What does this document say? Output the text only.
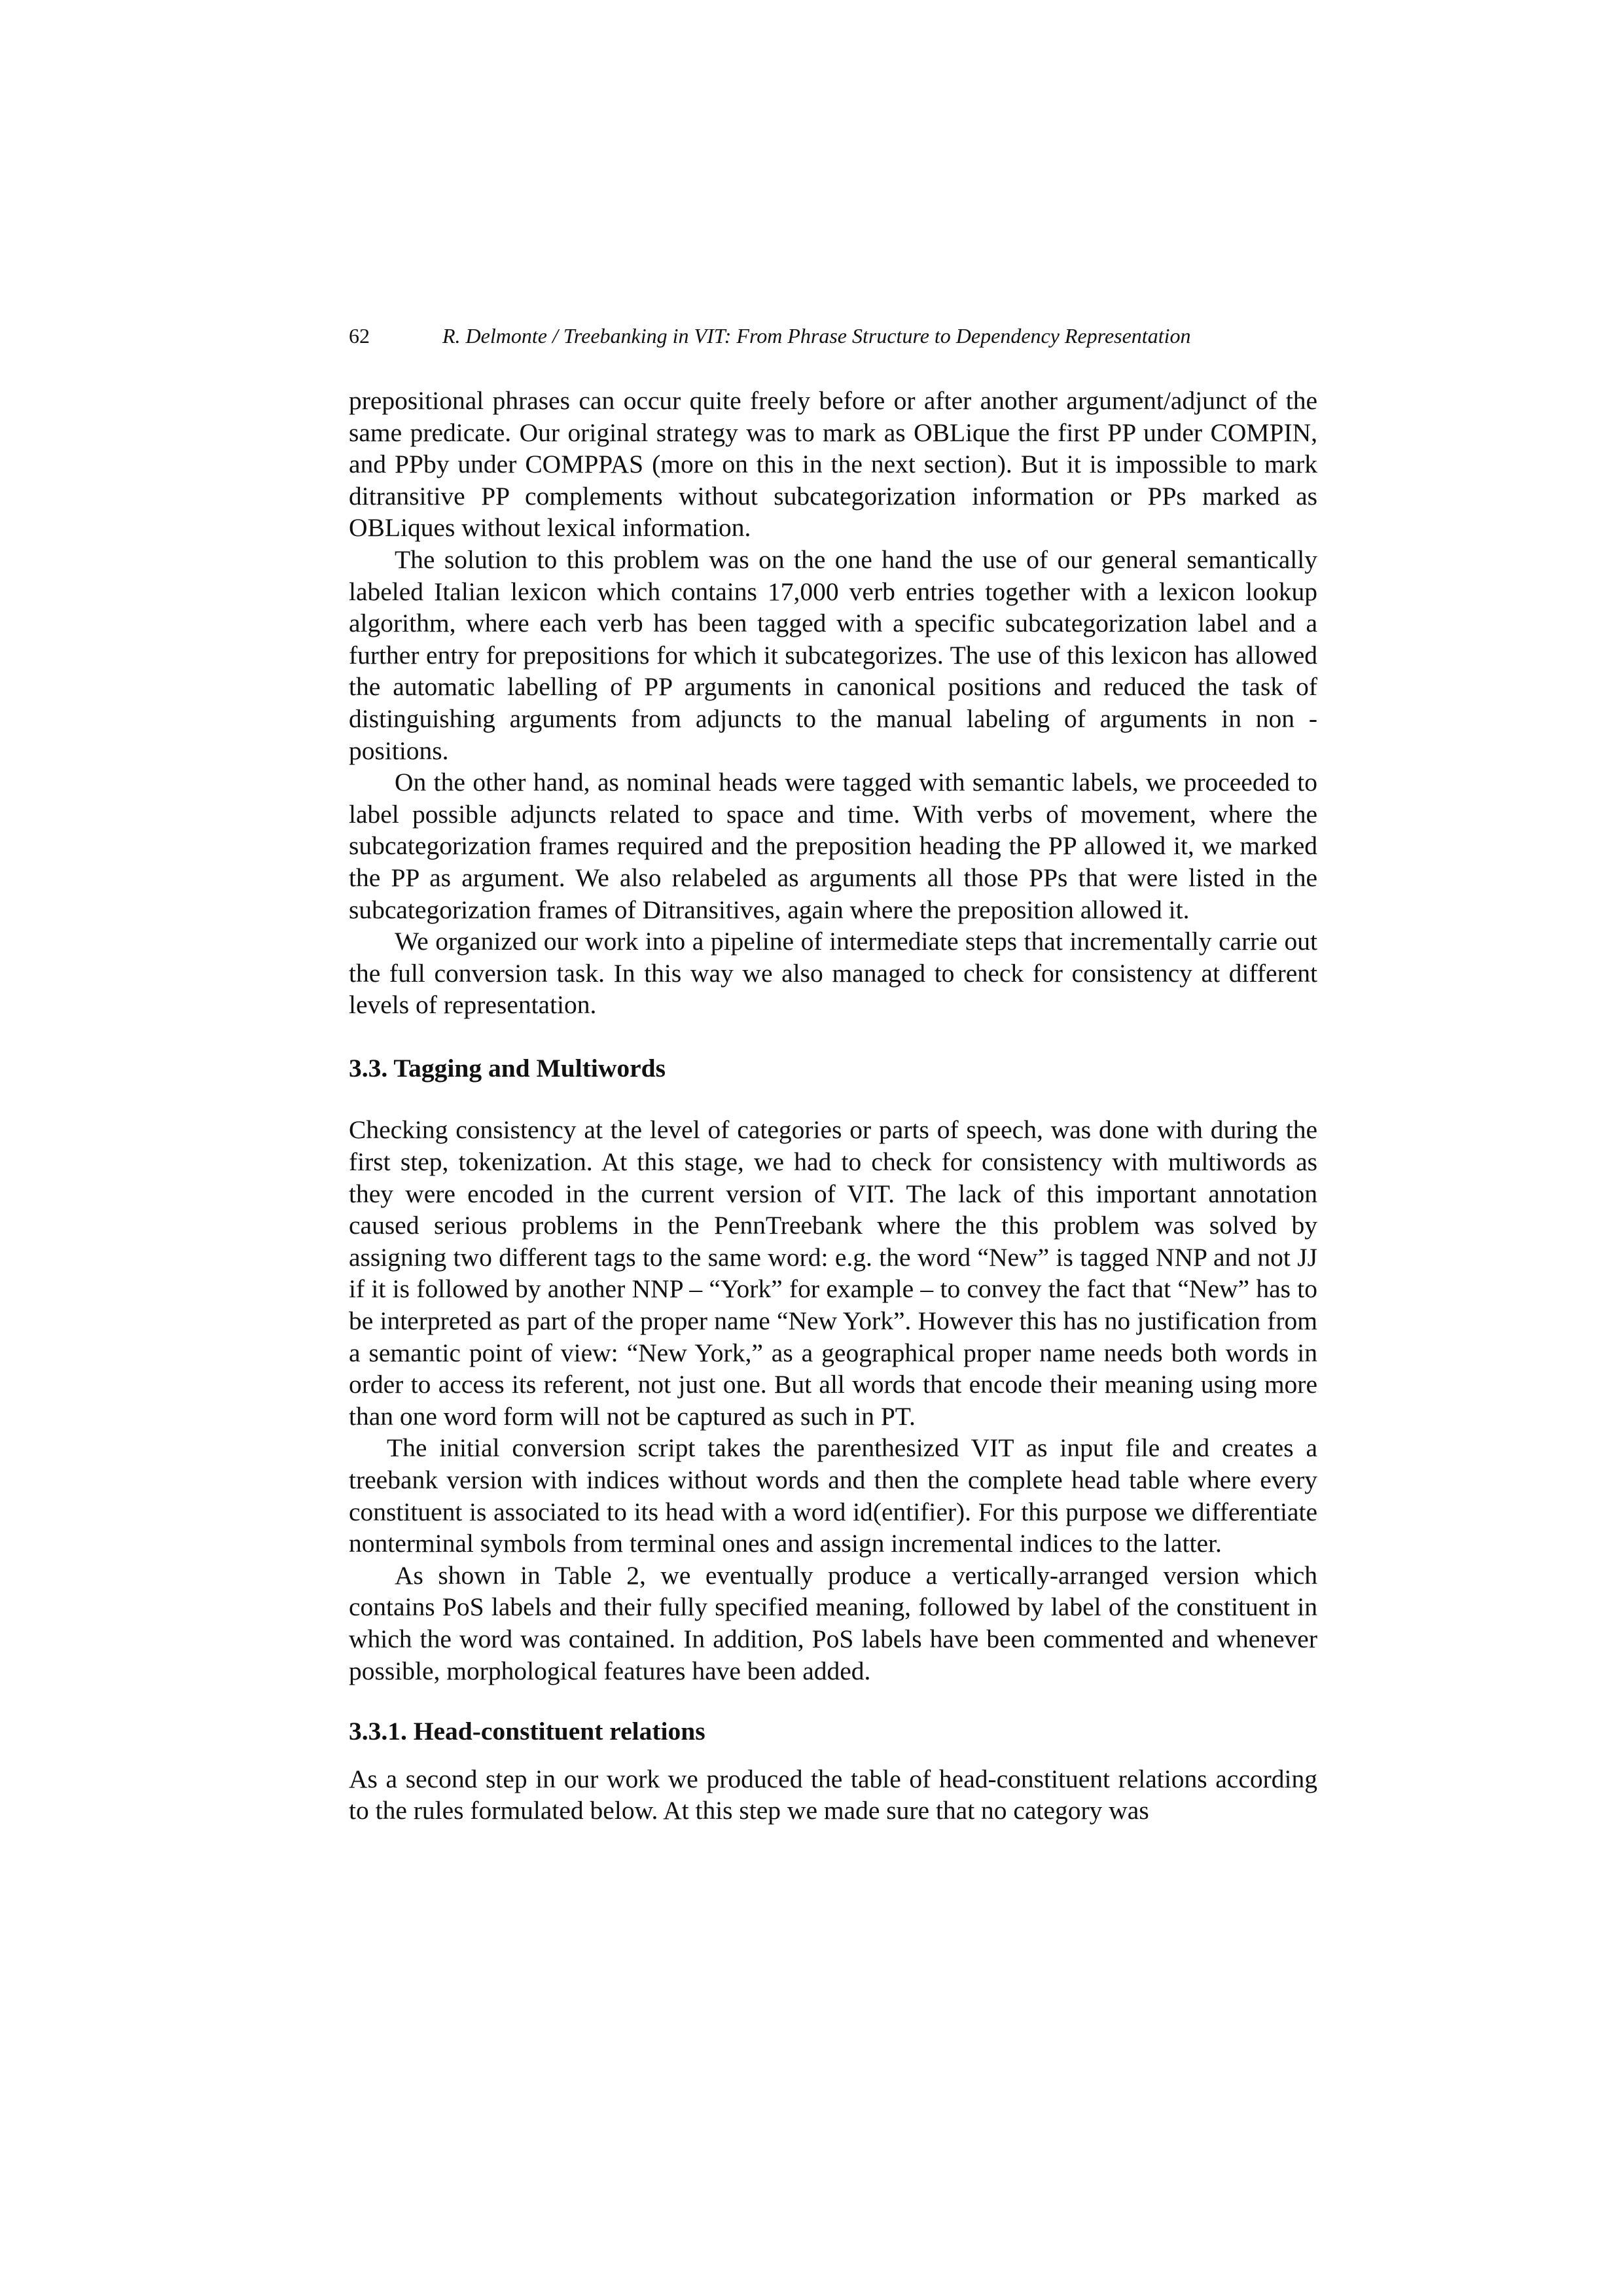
62	R. Delmonte / Treebanking in VIT: From Phrase Structure to Dependency Representation

prepositional phrases can occur quite freely before or after another argument/adjunct of the same predicate. Our original strategy was to mark as OBLique the first PP under COMPIN, and PPby under COMPPAS (more on this in the next section). But it is impossible to mark ditransitive PP complements without subcategorization information or PPs marked as OBLiques without lexical information.

The solution to this problem was on the one hand the use of our general semantically labeled Italian lexicon which contains 17,000 verb entries together with a lexicon lookup algorithm, where each verb has been tagged with a specific subcategorization label and a further entry for prepositions for which it subcategorizes. The use of this lexicon has allowed the automatic labelling of PP arguments in canonical positions and reduced the task of distinguishing arguments from adjuncts to the manual labeling of arguments in non -positions.

On the other hand, as nominal heads were tagged with semantic labels, we proceeded to label possible adjuncts related to space and time. With verbs of movement, where the subcategorization frames required and the preposition heading the PP allowed it, we marked the PP as argument. We also relabeled as arguments all those PPs that were listed in the subcategorization frames of Ditransitives, again where the preposition allowed it.

We organized our work into a pipeline of intermediate steps that incrementally carrie out the full conversion task. In this way we also managed to check for consistency at different levels of representation.

3.3. Tagging and Multiwords

Checking consistency at the level of categories or parts of speech, was done with during the first step, tokenization. At this stage, we had to check for consistency with multiwords as they were encoded in the current version of VIT. The lack of this important annotation caused serious problems in the PennTreebank where the this problem was solved by assigning two different tags to the same word: e.g. the word “New” is tagged NNP and not JJ if it is followed by another NNP – “York” for example – to convey the fact that “New” has to be interpreted as part of the proper name “New York”. However this has no justification from a semantic point of view: “New York,” as a geographical proper name needs both words in order to access its referent, not just one. But all words that encode their meaning using more than one word form will not be captured as such in PT.

The initial conversion script takes the parenthesized VIT as input file and creates a treebank version with indices without words and then the complete head table where every constituent is associated to its head with a word id(entifier). For this purpose we differentiate nonterminal symbols from terminal ones and assign incremental indices to the latter.

As shown in Table 2, we eventually produce a vertically-arranged version which contains PoS labels and their fully specified meaning, followed by label of the constituent in which the word was contained. In addition, PoS labels have been commented and whenever possible, morphological features have been added.

3.3.1. Head-constituent relations

As a second step in our work we produced the table of head-constituent relations according to the rules formulated below. At this step we made sure that no category was
